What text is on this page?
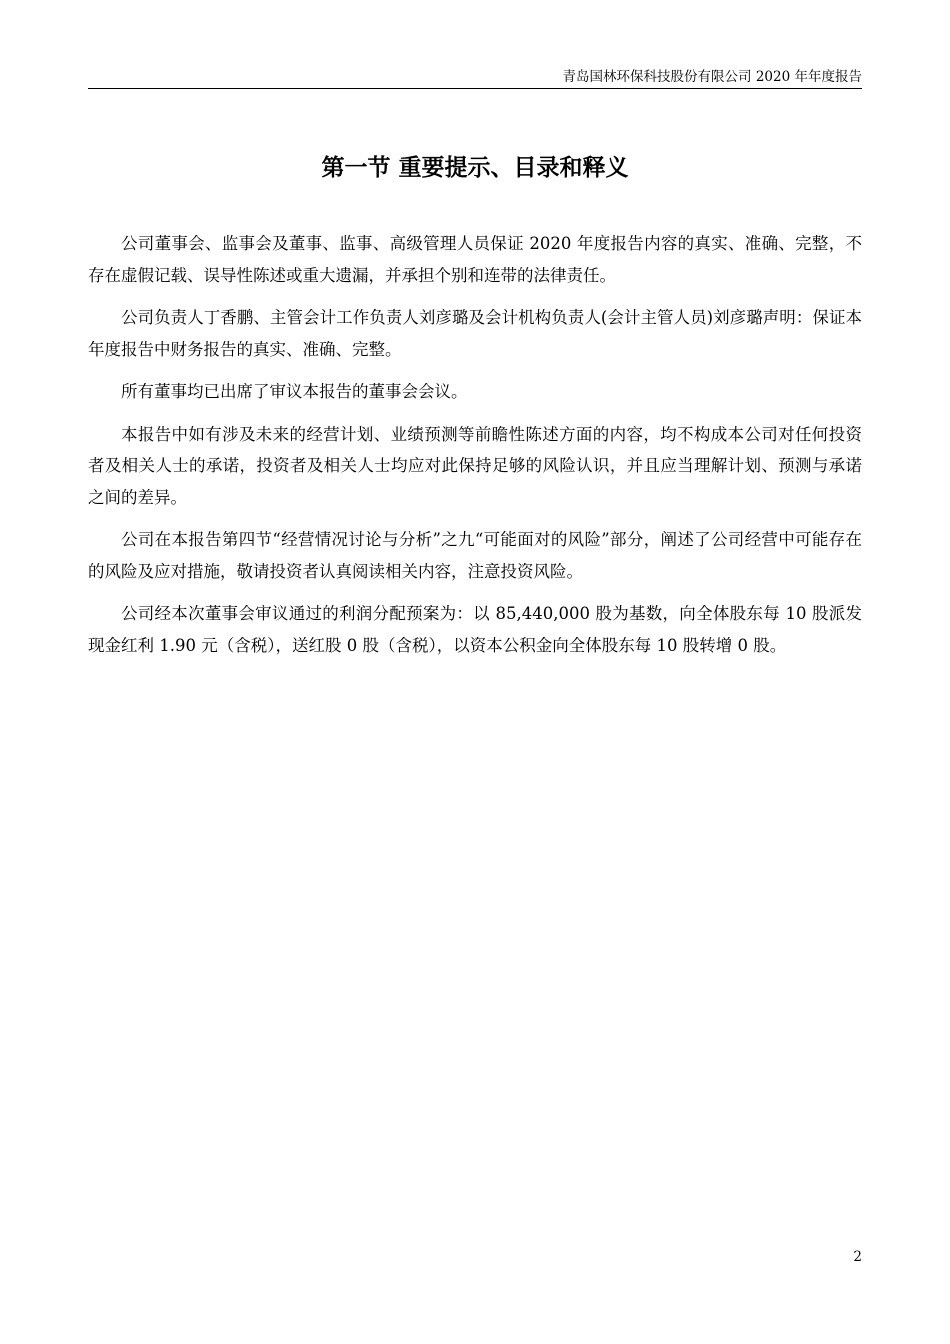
青岛国林环保科技股份有限公司 2020 年年度报告
第一节 重要提示、目录和释义

公司董事会、监事会及董事、监事、高级管理人员保证 2020 年度报告内容的真实、准确、完整，不存在虚假记载、误导性陈述或重大遗漏，并承担个别和连带的法律责任。

公司负责人丁香鹏、主管会计工作负责人刘彦璐及会计机构负责人(会计主管人员)刘彦璐声明：保证本年度报告中财务报告的真实、准确、完整。

所有董事均已出席了审议本报告的董事会会议。

本报告中如有涉及未来的经营计划、业绩预测等前瞻性陈述方面的内容，均不构成本公司对任何投资者及相关人士的承诺，投资者及相关人士均应对此保持足够的风险认识，并且应当理解计划、预测与承诺之间的差异。

公司在本报告第四节“经营情况讨论与分析”之九“可能面对的风险”部分，阐述了公司经营中可能存在的风险及应对措施，敬请投资者认真阅读相关内容，注意投资风险。

公司经本次董事会审议通过的利润分配预案为：以 85,440,000 股为基数，向全体股东每 10 股派发现金红利 1.90 元（含税），送红股 0 股（含税），以资本公积金向全体股东每 10 股转增 0 股。

2
